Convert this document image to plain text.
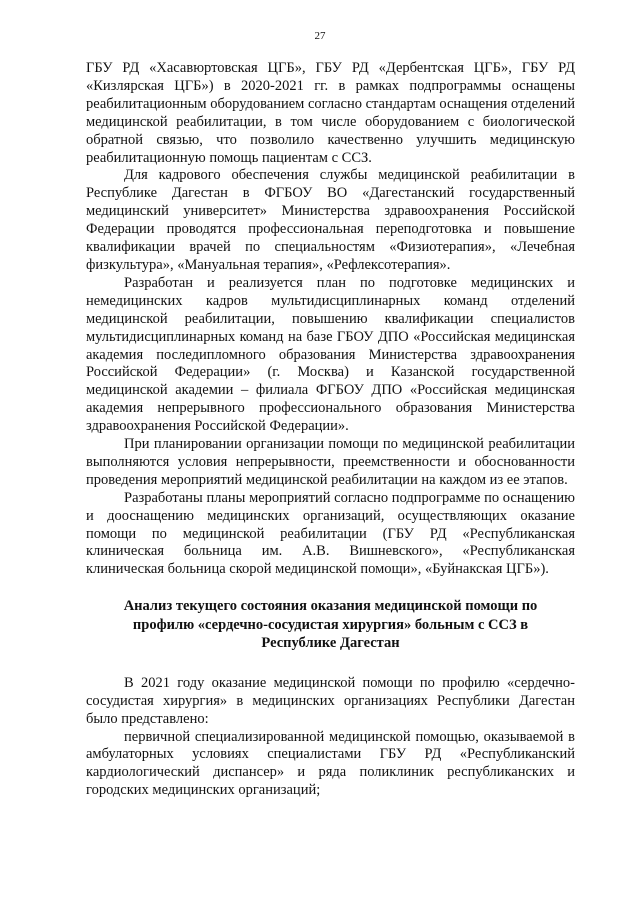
27

ГБУ РД «Хасавюртовская ЦГБ», ГБУ РД «Дербентская ЦГБ», ГБУ РД «Кизлярская ЦГБ») в 2020-2021 гг. в рамках подпрограммы оснащены реабилитационным оборудованием согласно стандартам оснащения отделений медицинской реабилитации, в том числе оборудованием с биологической обратной связью, что позволило качественно улучшить медицинскую реабилитационную помощь пациентам с ССЗ.

Для кадрового обеспечения службы медицинской реабилитации в Республике Дагестан в ФГБОУ ВО «Дагестанский государственный медицинский университет» Министерства здравоохранения Российской Федерации проводятся профессиональная переподготовка и повышение квалификации врачей по специальностям «Физиотерапия», «Лечебная физкультура», «Мануальная терапия», «Рефлексотерапия».

Разработан и реализуется план по подготовке медицинских и немедицинских кадров мультидисциплинарных команд отделений медицинской реабилитации, повышению квалификации специалистов мультидисциплинарных команд на базе ГБОУ ДПО «Российская медицинская академия последипломного образования Министерства здравоохранения Российской Федерации» (г. Москва) и Казанской государственной медицинской академии – филиала ФГБОУ ДПО «Российская медицинская академия непрерывного профессионального образования Министерства здравоохранения Российской Федерации».

При планировании организации помощи по медицинской реабилитации выполняются условия непрерывности, преемственности и обоснованности проведения мероприятий медицинской реабилитации на каждом из ее этапов.

Разработаны планы мероприятий согласно подпрограмме по оснащению и дооснащению медицинских организаций, осуществляющих оказание помощи по медицинской реабилитации (ГБУ РД «Республиканская клиническая больница им. А.В. Вишневского», «Республиканская клиническая больница скорой медицинской помощи», «Буйнакская ЦГБ»).

Анализ текущего состояния оказания медицинской помощи по профилю «сердечно-сосудистая хирургия» больным с ССЗ в Республике Дагестан

В 2021 году оказание медицинской помощи по профилю «сердечно-сосудистая хирургия» в медицинских организациях Республики Дагестан было представлено:

первичной специализированной медицинской помощью, оказываемой в амбулаторных условиях специалистами ГБУ РД «Республиканский кардиологический диспансер» и ряда поликлиник республиканских и городских медицинских организаций;
